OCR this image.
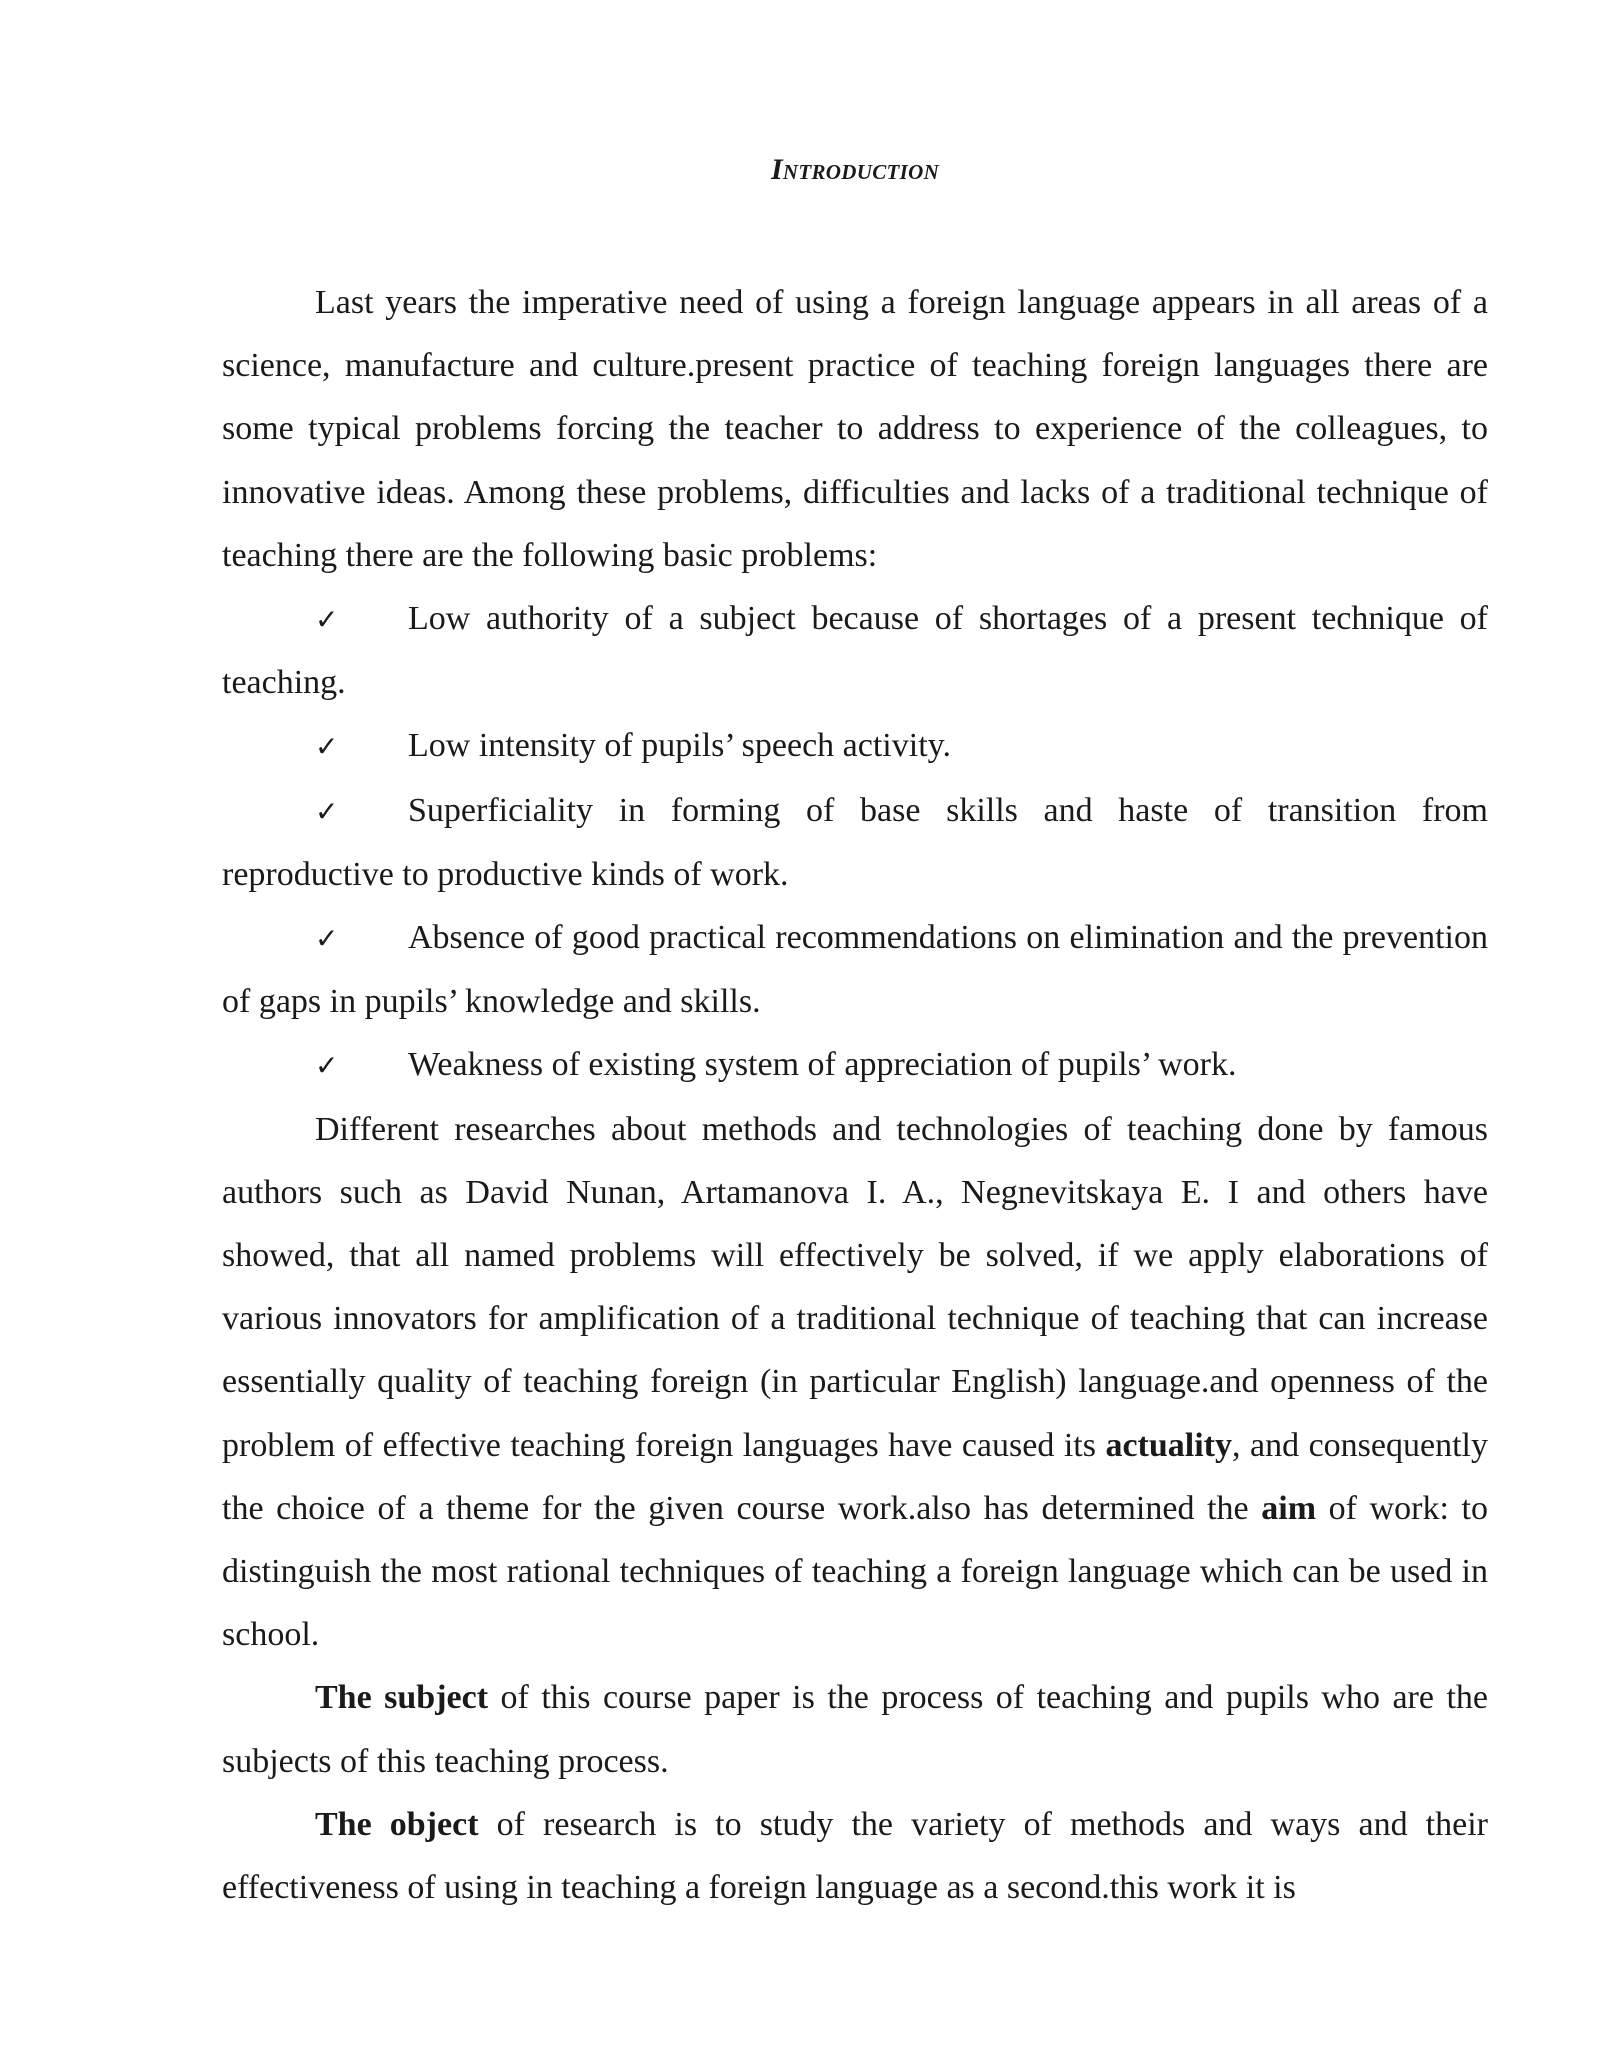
Introduction

Last years the imperative need of using a foreign language appears in all areas of a science, manufacture and culture.present practice of teaching foreign languages there are some typical problems forcing the teacher to address to experience of the colleagues, to innovative ideas. Among these problems, difficulties and lacks of a traditional technique of teaching there are the following basic problems:

✓ Low authority of a subject because of shortages of a present technique of teaching.

✓ Low intensity of pupils’ speech activity.

✓ Superficiality in forming of base skills and haste of transition from reproductive to productive kinds of work.

✓ Absence of good practical recommendations on elimination and the prevention of gaps in pupils’ knowledge and skills.

✓ Weakness of existing system of appreciation of pupils’ work.

Different researches about methods and technologies of teaching done by famous authors such as David Nunan, Artamanova I. A., Negnevitskaya E. I and others have showed, that all named problems will effectively be solved, if we apply elaborations of various innovators for amplification of a traditional technique of teaching that can increase essentially quality of teaching foreign (in particular English) language.and openness of the problem of effective teaching foreign languages have caused its actuality, and consequently the choice of a theme for the given course work.also has determined the aim of work: to distinguish the most rational techniques of teaching a foreign language which can be used in school.

The subject of this course paper is the process of teaching and pupils who are the subjects of this teaching process.

The object of research is to study the variety of methods and ways and their effectiveness of using in teaching a foreign language as a second.this work it is
